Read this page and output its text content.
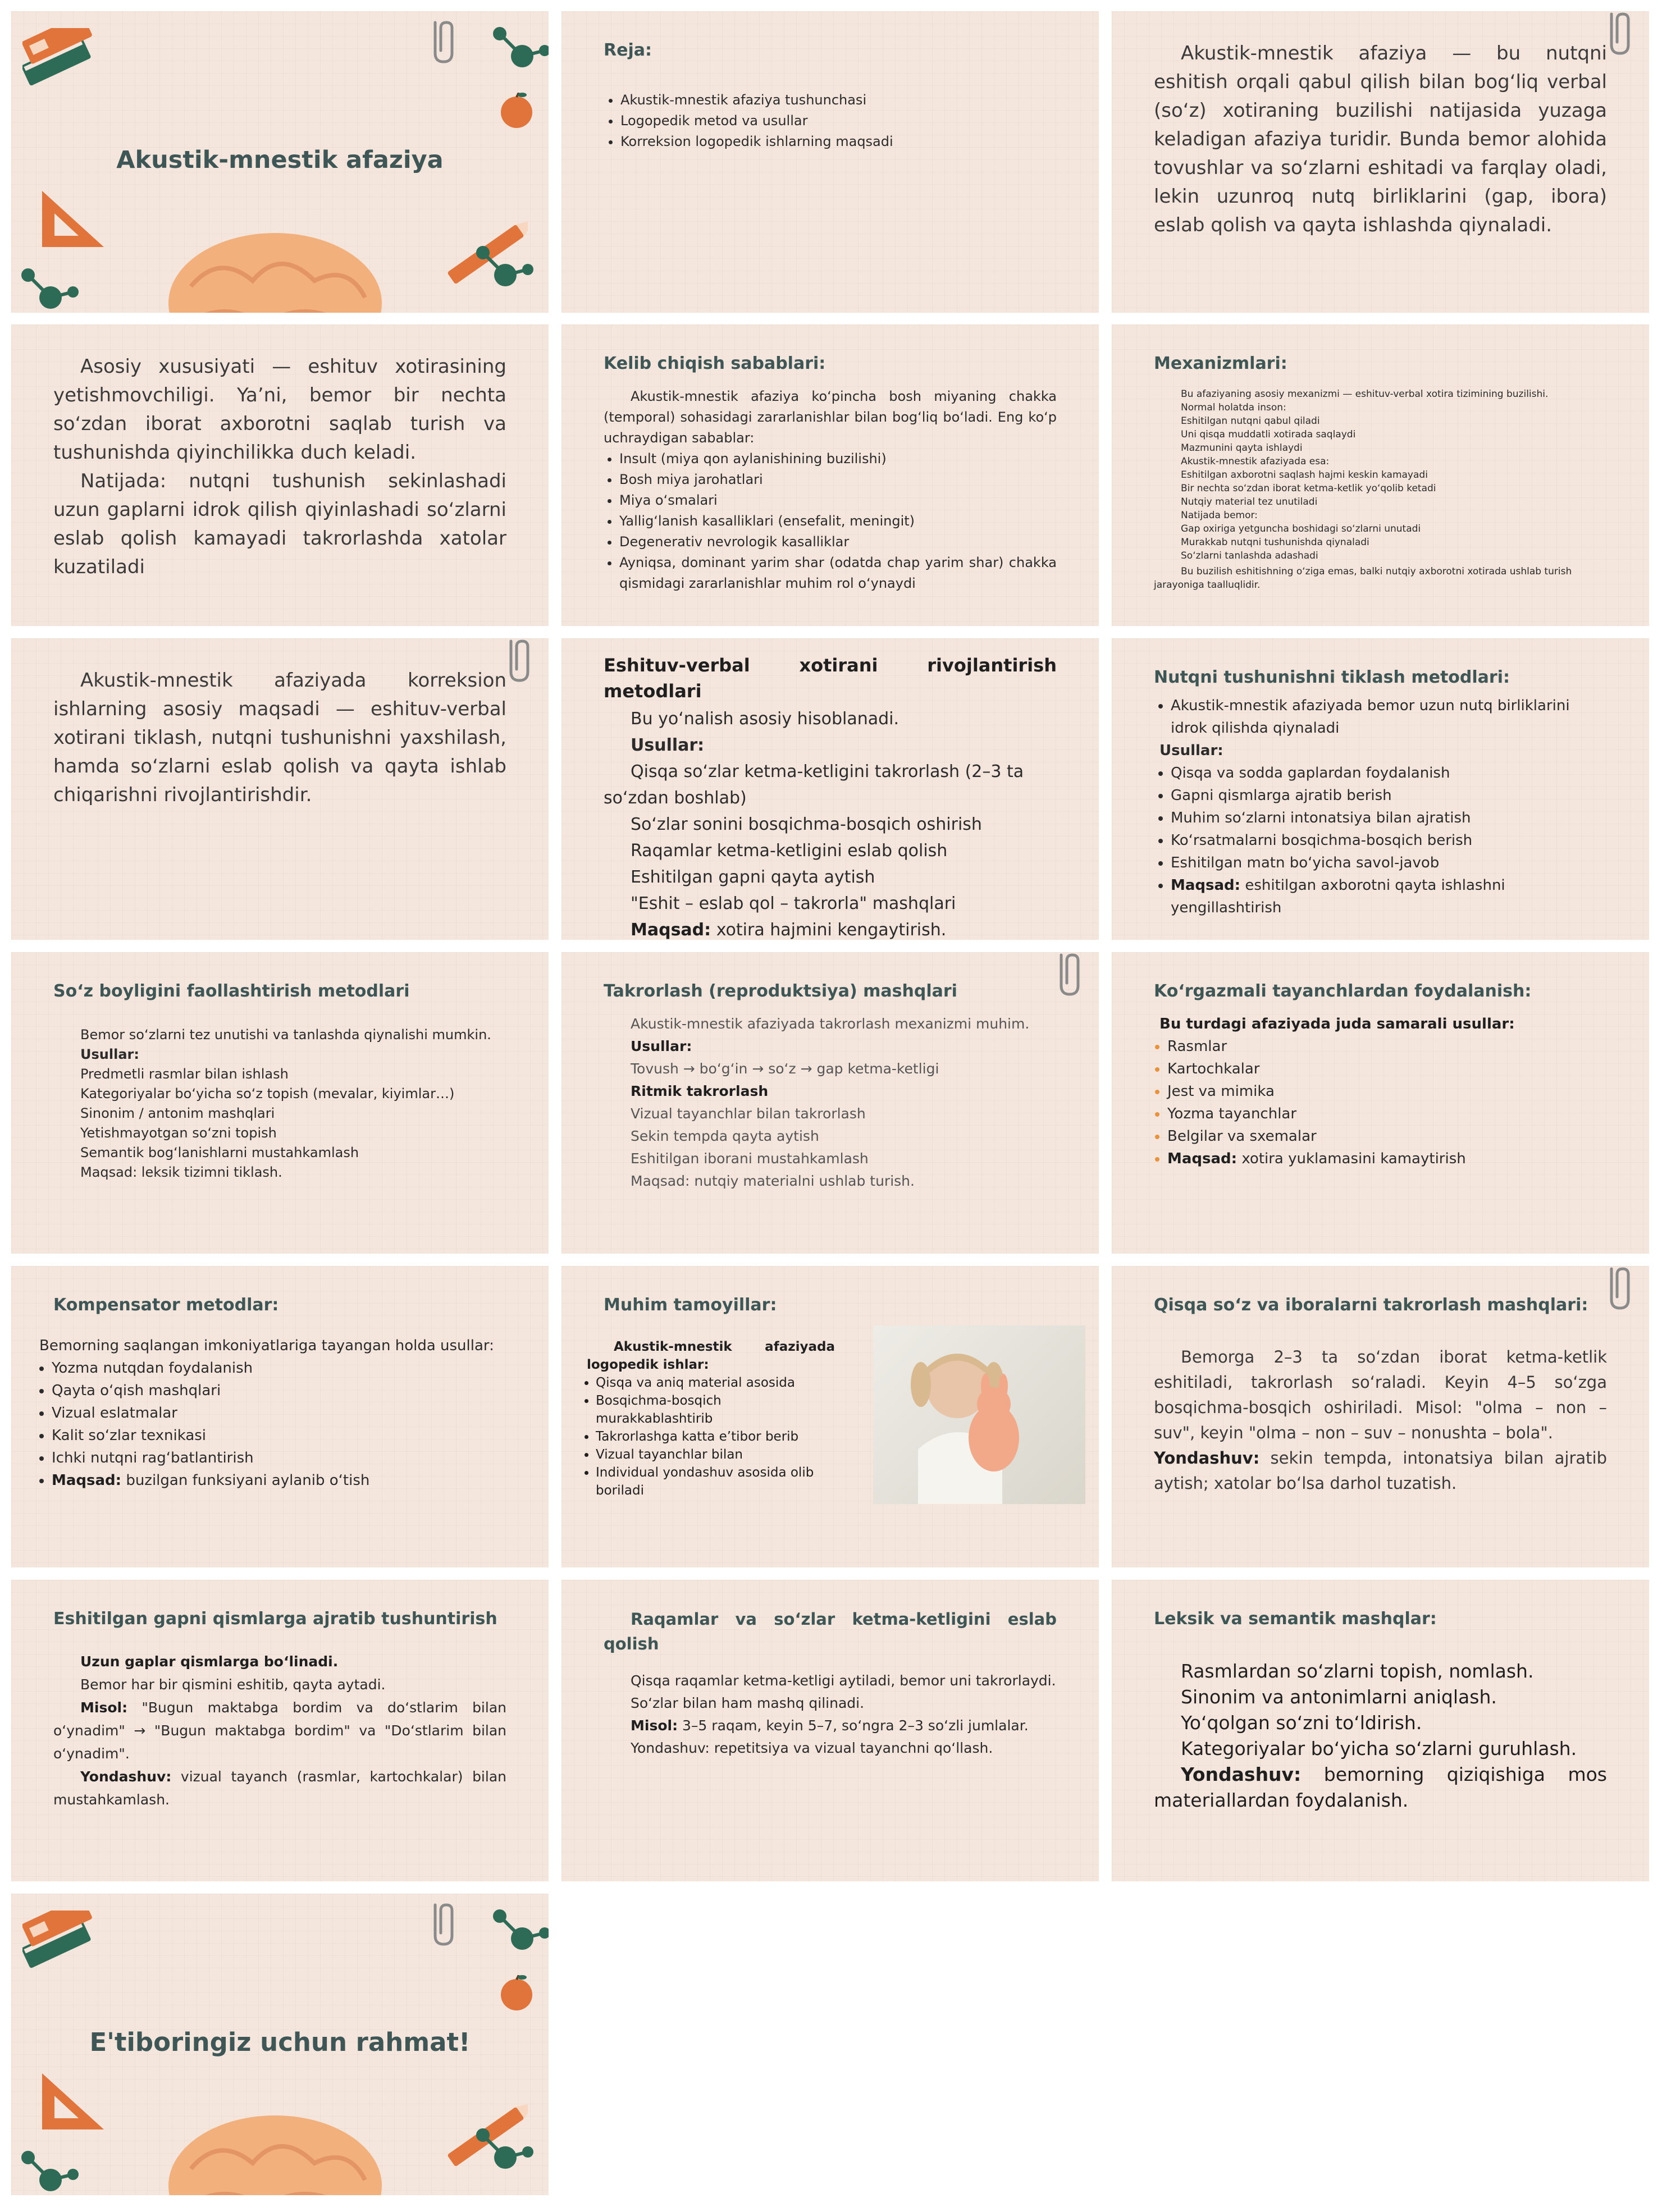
Akustik-mnestik afaziya
Reja:
• Akustik-mnestik afaziya tushunchasi
• Logopedik metod va usullar
• Korreksion logopedik ishlarning maqsadi

Akustik-mnestik afaziya — bu nutqni eshitish orqali qabul qilish bilan bog‘liq verbal (so‘z) xotiraning buzilishi natijasida yuzaga keladigan afaziya turidir. Bunda bemor alohida tovushlar va so‘zlarni eshitadi va farqlay oladi, lekin uzunroq nutq birliklarini (gap, ibora) eslab qolish va qayta ishlashda qiynaladi.

Asosiy xususiyati — eshituv xotirasining yetishmovchiligi. Ya’ni, bemor bir nechta so‘zdan iborat axborotni saqlab turish va tushunishda qiyinchilikka duch keladi.

Natijada: nutqni tushunish sekinlashadi uzun gaplarni idrok qilish qiyinlashadi so‘zlarni eslab qolish kamayadi takrorlashda xatolar kuzatiladi

Kelib chiqish sabablari:

Akustik-mnestik afaziya ko‘pincha bosh miyaning chakka (temporal) sohasidagi zararlanishlar bilan bog‘liq bo‘ladi. Eng ko‘p uchraydigan sabablar:

• Insult (miya qon aylanishining buzilishi)
• Bosh miya jarohatlari
• Miya o‘smalari
• Yallig‘lanish kasalliklari (ensefalit, meningit)
• Degenerativ nevrologik kasalliklar
• Ayniqsa, dominant yarim shar (odatda chap yarim shar) chakka qismidagi zararlanishlar muhim rol o‘ynaydi
Mexanizmlari:

Bu afaziyaning asosiy mexanizmi — eshituv-verbal xotira tizimining buzilishi.

Normal holatda inson:

Eshitilgan nutqni qabul qiladi

Uni qisqa muddatli xotirada saqlaydi

Mazmunini qayta ishlaydi

Akustik-mnestik afaziyada esa:

Eshitilgan axborotni saqlash hajmi keskin kamayadi

Bir nechta so‘zdan iborat ketma-ketlik yo‘qolib ketadi

Nutqiy material tez unutiladi

Natijada bemor:

Gap oxiriga yetguncha boshidagi so‘zlarni unutadi

Murakkab nutqni tushunishda qiynaladi

So‘zlarni tanlashda adashadi

Bu buzilish eshitishning o‘ziga emas, balki nutqiy axborotni xotirada ushlab turish jarayoniga taalluqlidir.

Akustik-mnestik afaziyada korreksion ishlarning asosiy maqsadi — eshituv-verbal xotirani tiklash, nutqni tushunishni yaxshilash, hamda so‘zlarni eslab qolish va qayta ishlab chiqarishni rivojlantirishdir.

Eshituv-verbal xotirani rivojlantirish metodlari

Bu yo‘nalish asosiy hisoblanadi.

Usullar:

Qisqa so‘zlar ketma-ketligini takrorlash (2–3 ta so‘zdan boshlab)

So‘zlar sonini bosqichma-bosqich oshirish

Raqamlar ketma-ketligini eslab qolish

Eshitilgan gapni qayta aytish

"Eshit – eslab qol – takrorla" mashqlari

Maqsad: xotira hajmini kengaytirish.

Nutqni tushunishni tiklash metodlari:
• Akustik-mnestik afaziyada bemor uzun nutq birliklarini idrok qilishda qiynaladi

Usullar:

• Qisqa va sodda gaplardan foydalanish
• Gapni qismlarga ajratib berish
• Muhim so‘zlarni intonatsiya bilan ajratish
• Ko‘rsatmalarni bosqichma-bosqich berish
• Eshitilgan matn bo‘yicha savol-javob
• Maqsad: eshitilgan axborotni qayta ishlashni yengillashtirish
So‘z boyligini faollashtirish metodlari

Bemor so‘zlarni tez unutishi va tanlashda qiynalishi mumkin.

Usullar:

Predmetli rasmlar bilan ishlash

Kategoriyalar bo‘yicha so‘z topish (mevalar, kiyimlar…)

Sinonim / antonim mashqlari

Yetishmayotgan so‘zni topish

Semantik bog‘lanishlarni mustahkamlash

Maqsad: leksik tizimni tiklash.

Takrorlash (reproduktsiya) mashqlari

Akustik-mnestik afaziyada takrorlash mexanizmi muhim.

Usullar:

Tovush → bo‘g‘in → so‘z → gap ketma-ketligi

Ritmik takrorlash

Vizual tayanchlar bilan takrorlash

Sekin tempda qayta aytish

Eshitilgan iborani mustahkamlash

Maqsad: nutqiy materialni ushlab turish.

Ko‘rgazmali tayanchlardan foydalanish:

Bu turdagi afaziyada juda samarali usullar:

• Rasmlar
• Kartochkalar
• Jest va mimika
• Yozma tayanchlar
• Belgilar va sxemalar
• Maqsad: xotira yuklamasini kamaytirish
Kompensator metodlar:

Bemorning saqlangan imkoniyatlariga tayangan holda usullar:

• Yozma nutqdan foydalanish
• Qayta o‘qish mashqlari
• Vizual eslatmalar
• Kalit so‘zlar texnikasi
• Ichki nutqni rag‘batlantirish
• Maqsad: buzilgan funksiyani aylanib o‘tish
Muhim tamoyillar:

Akustik-mnestik afaziyada logopedik ishlar:

• Qisqa va aniq material asosida
• Bosqichma-bosqich murakkablashtirib
• Takrorlashga katta e’tibor berib
• Vizual tayanchlar bilan
• Individual yondashuv asosida olib boriladi
Qisqa so‘z va iboralarni takrorlash mashqlari:

Bemorga 2–3 ta so‘zdan iborat ketma-ketlik eshitiladi, takrorlash so‘raladi. Keyin 4–5 so‘zga bosqichma-bosqich oshiriladi. Misol: "olma – non – suv", keyin "olma – non – suv – nonushta – bola".

Yondashuv: sekin tempda, intonatsiya bilan ajratib aytish; xatolar bo‘lsa darhol tuzatish.

Eshitilgan gapni qismlarga ajratib tushuntirish

Uzun gaplar qismlarga bo‘linadi.

Bemor har bir qismini eshitib, qayta aytadi.

Misol: "Bugun maktabga bordim va do‘stlarim bilan o‘ynadim" → "Bugun maktabga bordim" va "Do‘stlarim bilan o‘ynadim".

Yondashuv: vizual tayanch (rasmlar, kartochkalar) bilan mustahkamlash.

Raqamlar va so‘zlar ketma-ketligini eslab qolish

Qisqa raqamlar ketma-ketligi aytiladi, bemor uni takrorlaydi.

So‘zlar bilan ham mashq qilinadi.

Misol: 3–5 raqam, keyin 5–7, so‘ngra 2–3 so‘zli jumlalar.

Yondashuv: repetitsiya va vizual tayanchni qo‘llash.

Leksik va semantik mashqlar:

Rasmlardan so‘zlarni topish, nomlash.

Sinonim va antonimlarni aniqlash.

Yo‘qolgan so‘zni to‘ldirish.

Kategoriyalar bo‘yicha so‘zlarni guruhlash.

Yondashuv: bemorning qiziqishiga mos materiallardan foydalanish.

E'tiboringiz uchun rahmat!
